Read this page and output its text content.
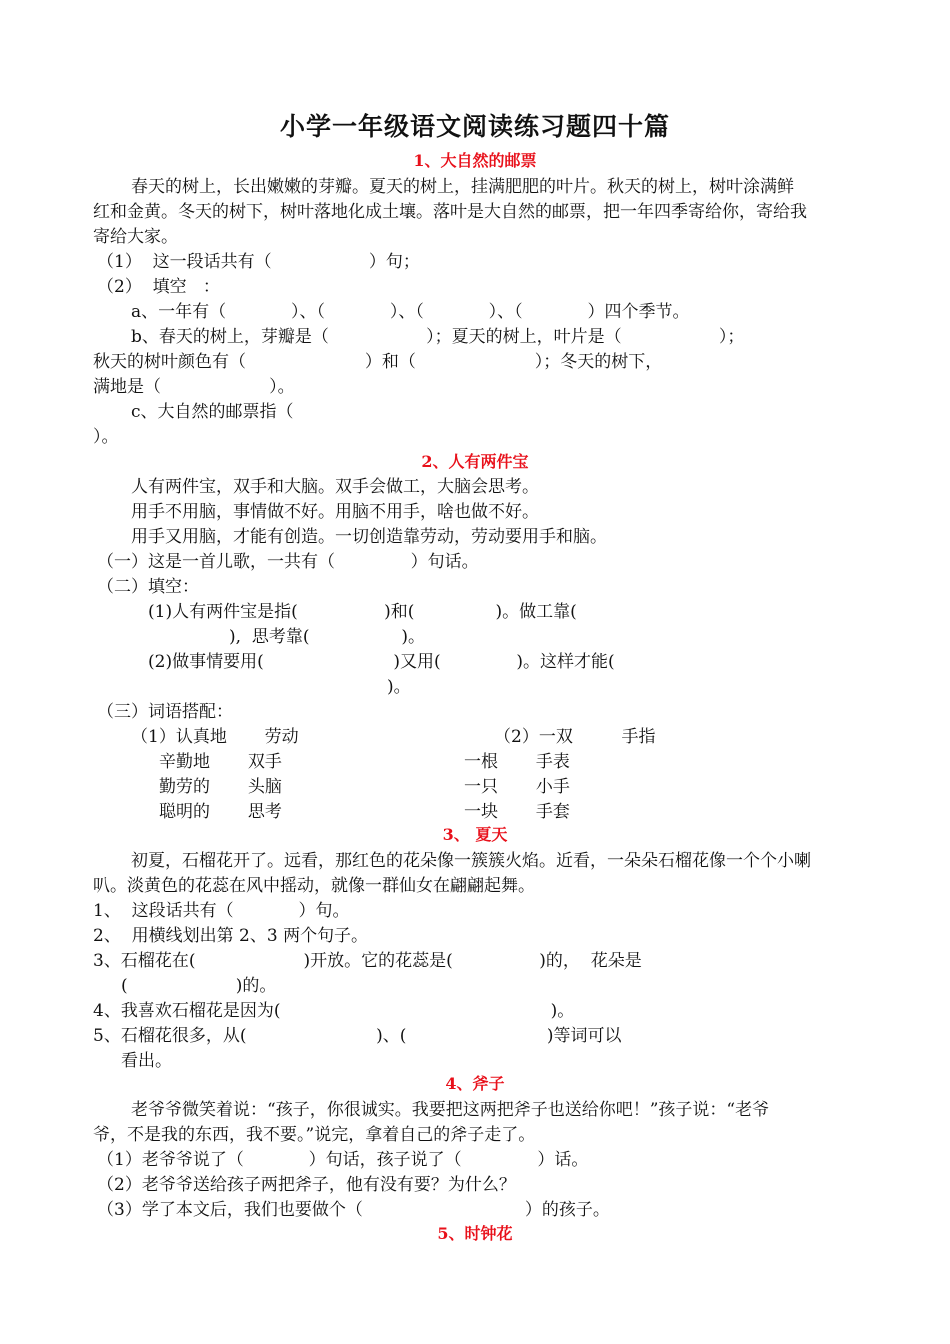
小学一年级语文阅读练习题四十篇
1、大自然的邮票

春天的树上，长出嫩嫩的芽瓣。夏天的树上，挂满肥肥的叶片。秋天的树上，树叶涂满鲜

红和金黄。冬天的树下，树叶落地化成土壤。落叶是大自然的邮票，把一年四季寄给你，寄给我

寄给大家。

（1）  这一段话共有（                  ）句；

（2）  填空   ：

a、一年有（            ）、（            ）、（            ）、（            ）四个季节。

b、春天的树上，芽瓣是（                  ）；夏天的树上，叶片是（                  ）；

秋天的树叶颜色有（                      ）和（                      ）；冬天的树下，

满地是（                    ）。

c、大自然的邮票指（

）。

2、人有两件宝

人有两件宝，双手和大脑。双手会做工，大脑会思考。

用手不用脑，事情做不好。用脑不用手，啥也做不好。

用手又用脑，才能有创造。一切创造靠劳动，劳动要用手和脑。

（一）这是一首儿歌，一共有（              ）句话。

（二）填空：

(1)人有两件宝是指(                )和(               )。做工靠(

),  思考靠(                 )。

(2)做事情要用(                        )又用(              )。这样才能(

)。

（三）词语搭配：

（1）认真地       劳动	（2）一双         手指

辛勤地       双手	一根       手表

勤劳的       头脑	一只       小手

聪明的       思考	一块       手套

3、 夏天

初夏，石榴花开了。远看，那红色的花朵像一簇簇火焰。近看，一朵朵石榴花像一个个小喇

叭。淡黄色的花蕊在风中摇动，就像一群仙女在翩翩起舞。

1、  这段话共有（            ）句。

2、  用横线划出第 2、3 两个句子。

3、石榴花在(                    )开放。它的花蕊是(                )的，  花朵是

(                    )的。

4、我喜欢石榴花是因为(                                                  )。

5、石榴花很多，从(                        )、(                          )等词可以

看出。

4、斧子

老爷爷微笑着说：“孩子，你很诚实。我要把这两把斧子也送给你吧！”孩子说：“老爷

爷，不是我的东西，我不要。”说完，拿着自己的斧子走了。

（1）老爷爷说了（            ）句话，孩子说了（              ）话。

（2）老爷爷送给孩子两把斧子，他有没有要？为什么？

（3）学了本文后，我们也要做个（                              ）的孩子。

5、时钟花
